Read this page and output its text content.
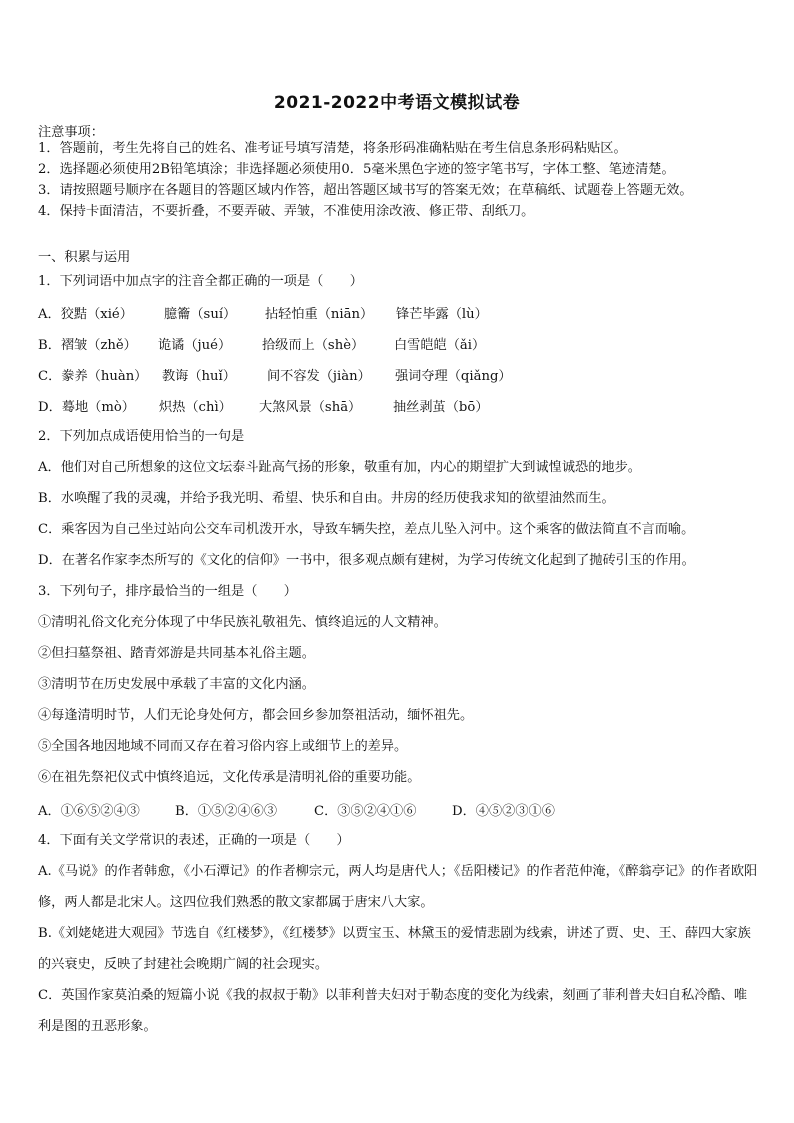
2021-2022中考语文模拟试卷
注意事项：
1．答题前，考生先将自己的姓名、准考证号填写清楚，将条形码准确粘贴在考生信息条形码粘贴区。
2．选择题必须使用2B铅笔填涂；非选择题必须使用0．5毫米黑色字迹的签字笔书写，字体工整、笔迹清楚。
3．请按照题号顺序在各题目的答题区域内作答，超出答题区域书写的答案无效；在草稿纸、试题卷上答题无效。
4．保持卡面清洁，不要折叠，不要弄破、弄皱，不准使用涂改液、修正带、刮纸刀。
一、积累与运用
1．下列词语中加点字的注音全都正确的一项是（　　）
A．狡黠（xié） 臆籥（suí） 拈轻怕重（niān） 锋芒毕露（lù）
B．褶皱（zhě） 诡谲（jué） 拾级而上（shè） 白雪皑皑（ǎi）
C．豢养（huàn） 教诲（huǐ） 间不容发（jiàn） 强词夺理（qiǎng）
D．蓦地（mò） 炽热（chì） 大煞风景（shā） 抽丝剥茧（bō）
2．下列加点成语使用恰当的一句是
A．他们对自己所想象的这位文坛泰斗趾高气扬的形象，敬重有加，内心的期望扩大到诚惶诚恐的地步。
B．水唤醒了我的灵魂，并给予我光明、希望、快乐和自由。井房的经历使我求知的欲望油然而生。
C．乘客因为自己坐过站向公交车司机泼开水，导致车辆失控，差点儿坠入河中。这个乘客的做法简直不言而喻。
D．在著名作家李杰所写的《文化的信仰》一书中，很多观点颇有建树，为学习传统文化起到了抛砖引玉的作用。
3．下列句子，排序最恰当的一组是（　　）
①清明礼俗文化充分体现了中华民族礼敬祖先、慎终追远的人文精神。
②但扫墓祭祖、踏青郊游是共同基本礼俗主题。
③清明节在历史发展中承载了丰富的文化内涵。
④每逢清明时节，人们无论身处何方，都会回乡参加祭祖活动，缅怀祖先。
⑤全国各地因地域不同而又存在着习俗内容上或细节上的差异。
⑥在祖先祭祀仪式中慎终追远，文化传承是清明礼俗的重要功能。
A．①⑥⑤②④③	B．①⑤②④⑥③	C．③⑤②④①⑥	D．④⑤②③①⑥
4．下面有关文学常识的表述，正确的一项是（　　）
A.《马说》的作者韩愈，《小石潭记》的作者柳宗元，两人均是唐代人；《岳阳楼记》的作者范仲淹，《醉翁亭记》的作者欧阳修，两人都是北宋人。这四位我们熟悉的散文家都属于唐宋八大家。
B.《刘姥姥进大观园》节选自《红楼梦》，《红楼梦》以贾宝玉、林黛玉的爱情悲剧为线索，讲述了贾、史、王、薛四大家族的兴衰史，反映了封建社会晚期广阔的社会现实。
C．英国作家莫泊桑的短篇小说《我的叔叔于勒》以菲利普夫妇对于勒态度的变化为线索，刻画了菲利普夫妇自私冷酷、唯利是图的丑恶形象。
